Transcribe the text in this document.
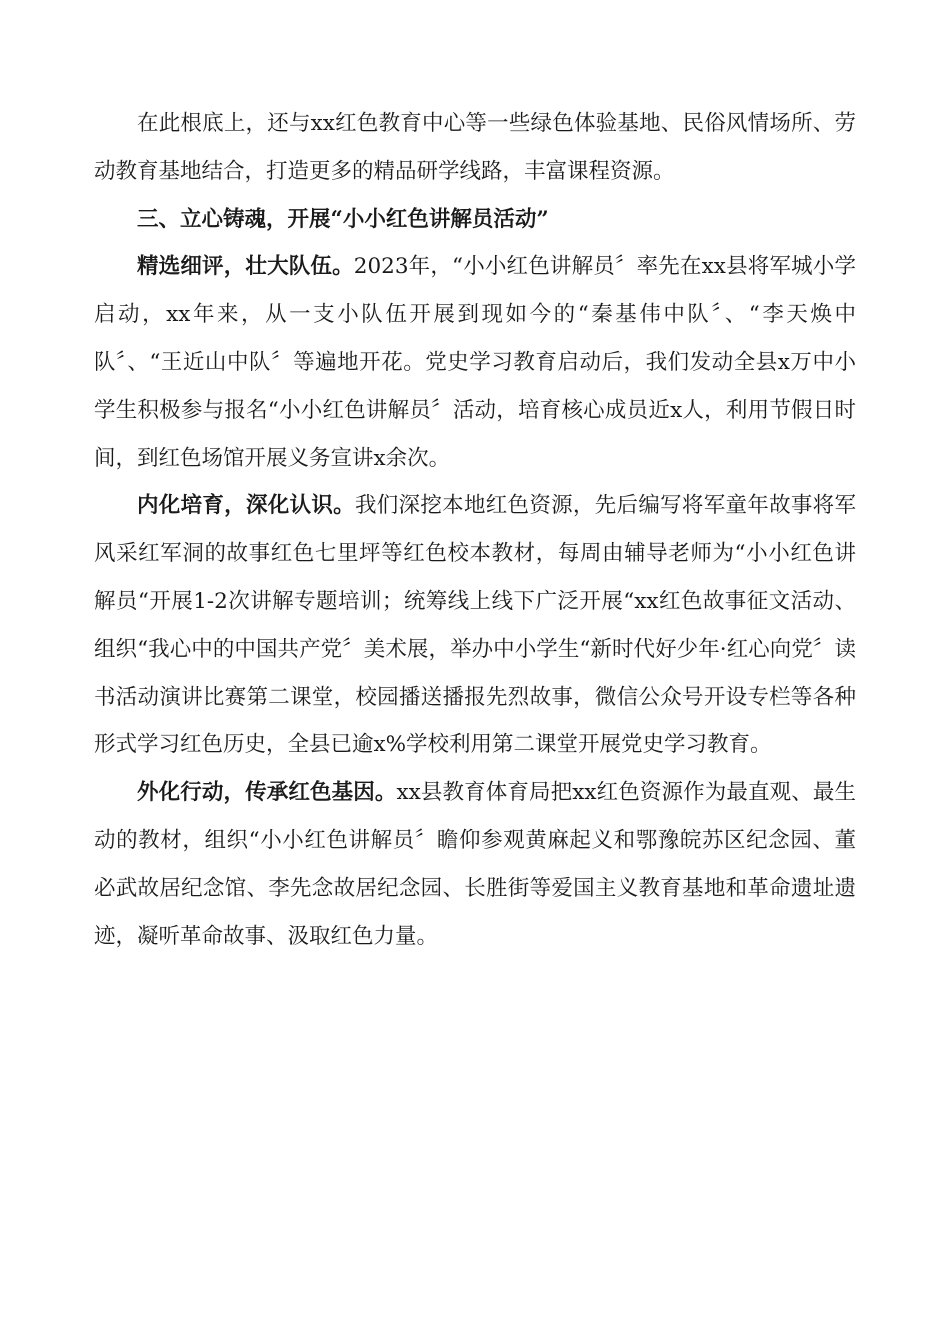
在此根底上，还与xx红色教育中心等一些绿色体验基地、民俗风情场所、劳动教育基地结合，打造更多的精品研学线路，丰富课程资源。

三、立心铸魂，开展“小小红色讲解员活动”

精选细评，壮大队伍。2023年，“小小红色讲解员〞率先在xx县将军城小学启动，xx年来，从一支小队伍开展到现如今的“秦基伟中队〞、“李天焕中队〞、“王近山中队〞等遍地开花。党史学习教育启动后，我们发动全县x万中小学生积极参与报名“小小红色讲解员〞活动，培育核心成员近x人，利用节假日时间，到红色场馆开展义务宣讲x余次。

内化培育，深化认识。我们深挖本地红色资源，先后编写将军童年故事将军风采红军洞的故事红色七里坪等红色校本教材，每周由辅导老师为“小小红色讲解员“开展1-2次讲解专题培训；统筹线上线下广泛开展“xx红色故事征文活动、组织“我心中的中国共产党〞美术展，举办中小学生“新时代好少年·红心向党〞读书活动演讲比赛第二课堂，校园播送播报先烈故事，微信公众号开设专栏等各种形式学习红色历史，全县已逾x%学校利用第二课堂开展党史学习教育。

外化行动，传承红色基因。xx县教育体育局把xx红色资源作为最直观、最生动的教材，组织“小小红色讲解员〞瞻仰参观黄麻起义和鄂豫皖苏区纪念园、董必武故居纪念馆、李先念故居纪念园、长胜街等爱国主义教育基地和革命遗址遗迹，凝听革命故事、汲取红色力量。
